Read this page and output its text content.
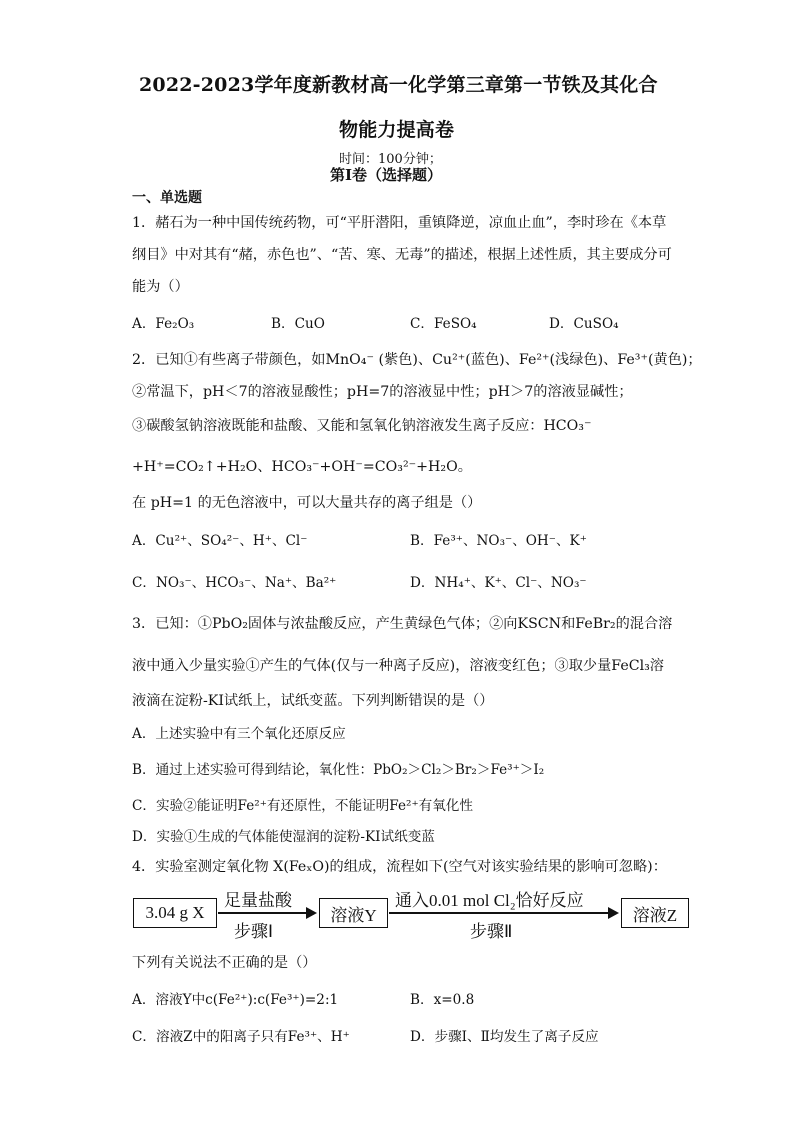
2022-2023学年度新教材高一化学第三章第一节铁及其化合
物能力提高卷
时间：100分钟；
第Ⅰ卷（选择题）
一、单选题
1．赭石为一种中国传统药物，可“平肝潜阳，重镇降逆，凉血止血”，李时珍在《本草
纲目》中对其有“赭，赤色也”、“苦、寒、无毒”的描述，根据上述性质，其主要成分可
能为（）
A．Fe₂O₃	B．CuO	C．FeSO₄	D．CuSO₄
2．已知①有些离子带颜色，如MnO₄⁻ (紫色)、Cu²⁺(蓝色)、Fe²⁺(浅绿色)、Fe³⁺(黄色)；
②常温下，pH＜7的溶液显酸性；pH=7的溶液显中性；pH＞7的溶液显碱性；
③碳酸氢钠溶液既能和盐酸、又能和氢氧化钠溶液发生离子反应：HCO₃⁻
+H⁺=CO₂↑+H₂O、HCO₃⁻+OH⁻=CO₃²⁻+H₂O。
在 pH=1 的无色溶液中，可以大量共存的离子组是（）
A．Cu²⁺、SO₄²⁻、H⁺、Cl⁻	B．Fe³⁺、NO₃⁻、OH⁻、K⁺
C．NO₃⁻、HCO₃⁻、Na⁺、Ba²⁺	D．NH₄⁺、K⁺、Cl⁻、NO₃⁻
3．已知：①PbO₂固体与浓盐酸反应，产生黄绿色气体；②向KSCN和FeBr₂的混合溶
液中通入少量实验①产生的气体(仅与一种离子反应)，溶液变红色；③取少量FeCl₃溶
液滴在淀粉-KI试纸上，试纸变蓝。下列判断错误的是（）
A．上述实验中有三个氧化还原反应
B．通过上述实验可得到结论，氧化性：PbO₂＞Cl₂＞Br₂＞Fe³⁺＞I₂
C．实验②能证明Fe²⁺有还原性，不能证明Fe²⁺有氧化性
D．实验①生成的气体能使湿润的淀粉-KI试纸变蓝
4．实验室测定氧化物 X(FeₓO)的组成，流程如下(空气对该实验结果的影响可忽略)：
3.04 g X
足量盐酸
步骤Ⅰ
溶液Y
通入0.01 mol Cl₂恰好反应
步骤Ⅱ
溶液Z
下列有关说法不正确的是（）
A．溶液Y中c(Fe²⁺):c(Fe³⁺)=2:1	B．x=0.8
C．溶液Z中的阳离子只有Fe³⁺、H⁺	D．步骤Ⅰ、Ⅱ均发生了离子反应
